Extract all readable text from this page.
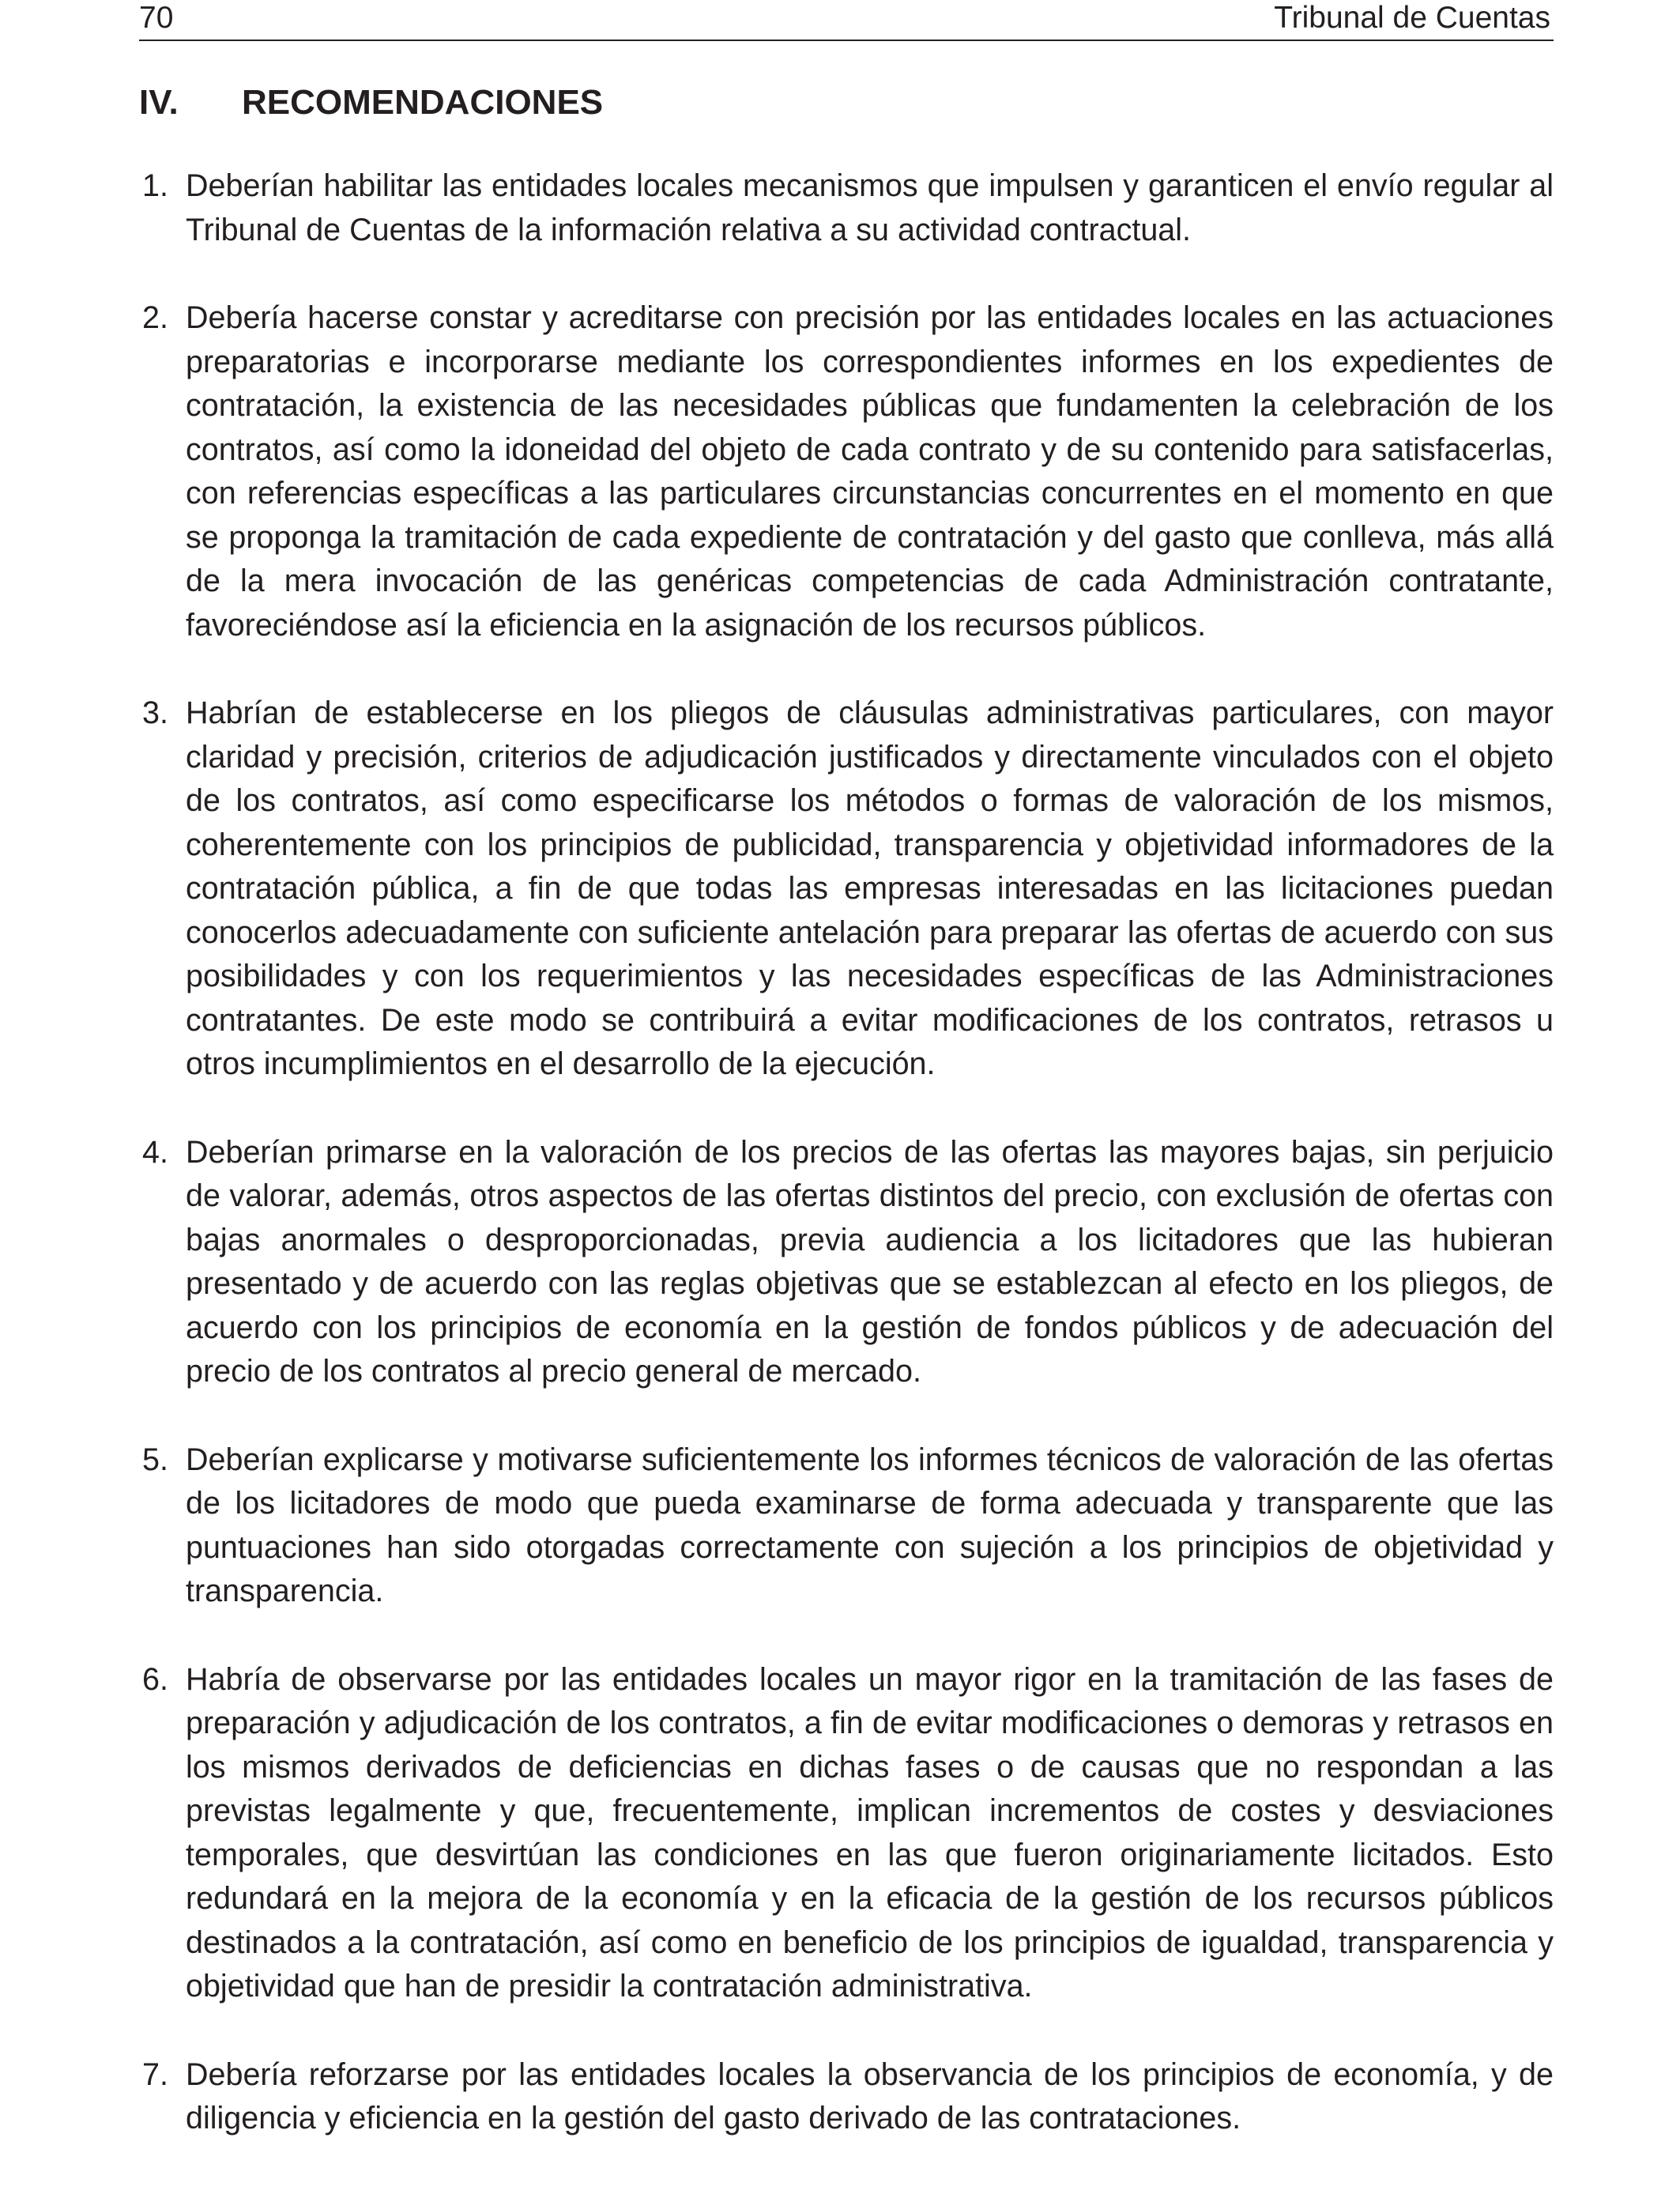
70	Tribunal de Cuentas
IV. RECOMENDACIONES
1. Deberían habilitar las entidades locales mecanismos que impulsen y garanticen el envío regular al Tribunal de Cuentas de la información relativa a su actividad contractual.
2. Debería hacerse constar y acreditarse con precisión por las entidades locales en las actuaciones preparatorias e incorporarse mediante los correspondientes informes en los expedientes de contratación, la existencia de las necesidades públicas que fundamenten la celebración de los contratos, así como la idoneidad del objeto de cada contrato y de su contenido para satisfacerlas, con referencias específicas a las particulares circunstancias concurrentes en el momento en que se proponga la tramitación de cada expediente de contratación y del gasto que conlleva, más allá de la mera invocación de las genéricas competencias de cada Administración contratante, favoreciéndose así la eficiencia en la asignación de los recursos públicos.
3. Habrían de establecerse en los pliegos de cláusulas administrativas particulares, con mayor claridad y precisión, criterios de adjudicación justificados y directamente vinculados con el objeto de los contratos, así como especificarse los métodos o formas de valoración de los mismos, coherentemente con los principios de publicidad, transparencia y objetividad informadores de la contratación pública, a fin de que todas las empresas interesadas en las licitaciones puedan conocerlos adecuadamente con suficiente antelación para preparar las ofertas de acuerdo con sus posibilidades y con los requerimientos y las necesidades específicas de las Administraciones contratantes. De este modo se contribuirá a evitar modificaciones de los contratos, retrasos u otros incumplimientos en el desarrollo de la ejecución.
4. Deberían primarse en la valoración de los precios de las ofertas las mayores bajas, sin perjuicio de valorar, además, otros aspectos de las ofertas distintos del precio, con exclusión de ofertas con bajas anormales o desproporcionadas, previa audiencia a los licitadores que las hubieran presentado y de acuerdo con las reglas objetivas que se establezcan al efecto en los pliegos, de acuerdo con los principios de economía en la gestión de fondos públicos y de adecuación del precio de los contratos al precio general de mercado.
5. Deberían explicarse y motivarse suficientemente los informes técnicos de valoración de las ofertas de los licitadores de modo que pueda examinarse de forma adecuada y transparente que las puntuaciones han sido otorgadas correctamente con sujeción a los principios de objetividad y transparencia.
6. Habría de observarse por las entidades locales un mayor rigor en la tramitación de las fases de preparación y adjudicación de los contratos, a fin de evitar modificaciones o demoras y retrasos en los mismos derivados de deficiencias en dichas fases o de causas que no respondan a las previstas legalmente y que, frecuentemente, implican incrementos de costes y desviaciones temporales, que desvirtúan las condiciones en las que fueron originariamente licitados. Esto redundará en la mejora de la economía y en la eficacia de la gestión de los recursos públicos destinados a la contratación, así como en beneficio de los principios de igualdad, transparencia y objetividad que han de presidir la contratación administrativa.
7. Debería reforzarse por las entidades locales la observancia de los principios de economía, y de diligencia y eficiencia en la gestión del gasto derivado de las contrataciones.
